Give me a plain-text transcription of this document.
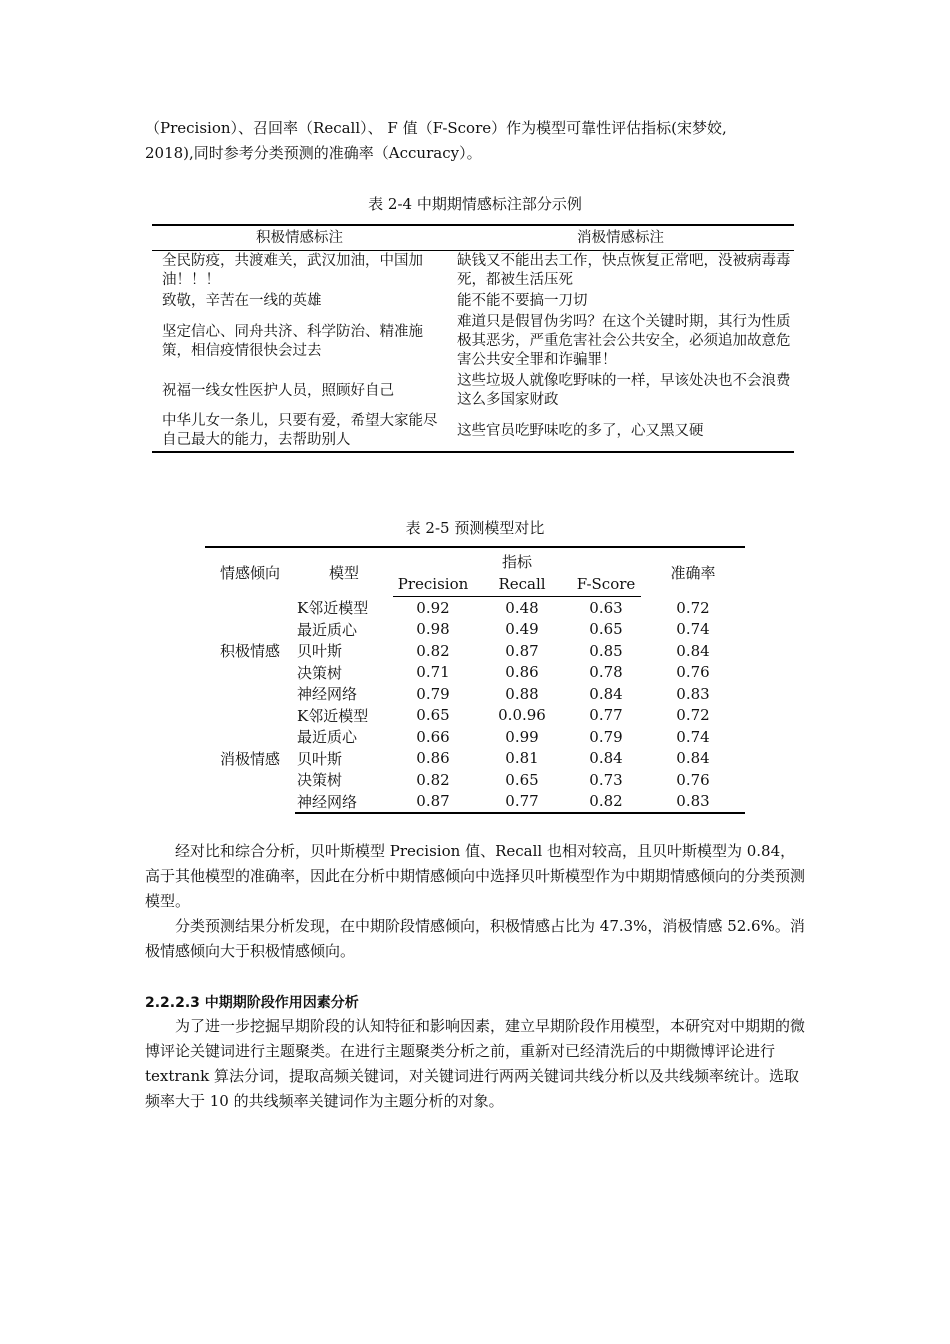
（Precision）、召回率（Recall）、 F 值（F-Score）作为模型可靠性评估指标(宋梦姣,

2018),同时参考分类预测的准确率（Accuracy）。

表 2-4 中期期情感标注部分示例
积极情感标注	消极情感标注
全民防疫，共渡难关，武汉加油，中国加油！！！	缺钱又不能出去工作，快点恢复正常吧，没被病毒毒死，都被生活压死
致敬，辛苦在一线的英雄	能不能不要搞一刀切
坚定信心、同舟共济、科学防治、精准施策，相信疫情很快会过去	难道只是假冒伪劣吗？在这个关键时期，其行为性质极其恶劣，严重危害社会公共安全，必须追加故意危害公共安全罪和诈骗罪！
祝福一线女性医护人员，照顾好自己	这些垃圾人就像吃野味的一样，早该处决也不会浪费这么多国家财政
中华儿女一条儿，只要有爱，希望大家能尽自己最大的能力，去帮助别人	这些官员吃野味吃的多了，心又黑又硬
表 2-5 预测模型对比
情感倾向	模型	指标			准确率
		Precision	Recall	F-Score	
积极情感	K邻近模型	0.92	0.48	0.63	0.72
	最近质心	0.98	0.49	0.65	0.74
	贝叶斯	0.82	0.87	0.85	0.84
	决策树	0.71	0.86	0.78	0.76
	神经网络	0.79	0.88	0.84	0.83
消极情感	K邻近模型	0.65	0.0.96	0.77	0.72
	最近质心	0.66	0.99	0.79	0.74
	贝叶斯	0.86	0.81	0.84	0.84
	决策树	0.82	0.65	0.73	0.76
	神经网络	0.87	0.77	0.82	0.83

经对比和综合分析，贝叶斯模型 Precision 值、Recall 也相对较高，且贝叶斯模型为 0.84，高于其他模型的准确率，因此在分析中期情感倾向中选择贝叶斯模型作为中期期情感倾向的分类预测模型。

分类预测结果分析发现，在中期阶段情感倾向，积极情感占比为 47.3%，消极情感 52.6%。消极情感倾向大于积极情感倾向。

2.2.2.3 中期期阶段作用因素分析

为了进一步挖掘早期阶段的认知特征和影响因素，建立早期阶段作用模型，本研究对中期期的微博评论关键词进行主题聚类。在进行主题聚类分析之前，重新对已经清洗后的中期微博评论进行 textrank 算法分词，提取高频关键词，对关键词进行两两关键词共线分析以及共线频率统计。选取频率大于 10 的共线频率关键词作为主题分析的对象。
